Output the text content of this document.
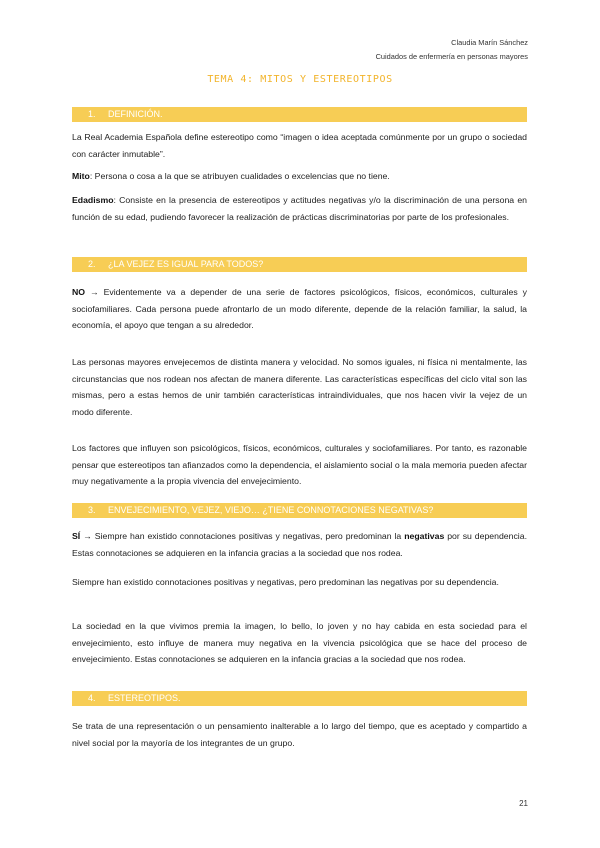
Claudia Marín Sánchez
Cuidados de enfermería en personas mayores
TEMA 4: MITOS Y ESTEREOTIPOS
1. DEFINICIÓN.

La Real Academia Española define estereotipo como “imagen o idea aceptada comúnmente por un grupo o sociedad con carácter inmutable”.

Mito: Persona o cosa a la que se atribuyen cualidades o excelencias que no tiene.

Edadismo: Consiste en la presencia de estereotipos y actitudes negativas y/o la discriminación de una persona en función de su edad, pudiendo favorecer la realización de prácticas discriminatorias por parte de los profesionales.

2. ¿LA VEJEZ ES IGUAL PARA TODOS?

NO → Evidentemente va a depender de una serie de factores psicológicos, físicos, económicos, culturales y sociofamiliares. Cada persona puede afrontarlo de un modo diferente, depende de la relación familiar, la salud, la economía, el apoyo que tengan a su alrededor.

Las personas mayores envejecemos de distinta manera y velocidad. No somos iguales, ni física ni mentalmente, las circunstancias que nos rodean nos afectan de manera diferente. Las características específicas del ciclo vital son las mismas, pero a estas hemos de unir también características intraindividuales, que nos hacen vivir la vejez de un modo diferente.

Los factores que influyen son psicológicos, físicos, económicos, culturales y sociofamiliares. Por tanto, es razonable pensar que estereotipos tan afianzados como la dependencia, el aislamiento social o la mala memoria pueden afectar muy negativamente a la propia vivencia del envejecimiento.

3. ENVEJECIMIENTO, VEJEZ, VIEJO… ¿TIENE CONNOTACIONES NEGATIVAS?

SÍ → Siempre han existido connotaciones positivas y negativas, pero predominan la negativas por su dependencia. Estas connotaciones se adquieren en la infancia gracias a la sociedad que nos rodea.

Siempre han existido connotaciones positivas y negativas, pero predominan las negativas por su dependencia.

La sociedad en la que vivimos premia la imagen, lo bello, lo joven y no hay cabida en esta sociedad para el envejecimiento, esto influye de manera muy negativa en la vivencia psicológica que se hace del proceso de envejecimiento. Estas connotaciones se adquieren en la infancia gracias a la sociedad que nos rodea.

4. ESTEREOTIPOS.

Se trata de una representación o un pensamiento inalterable a lo largo del tiempo, que es aceptado y compartido a nivel social por la mayoría de los integrantes de un grupo.

21
